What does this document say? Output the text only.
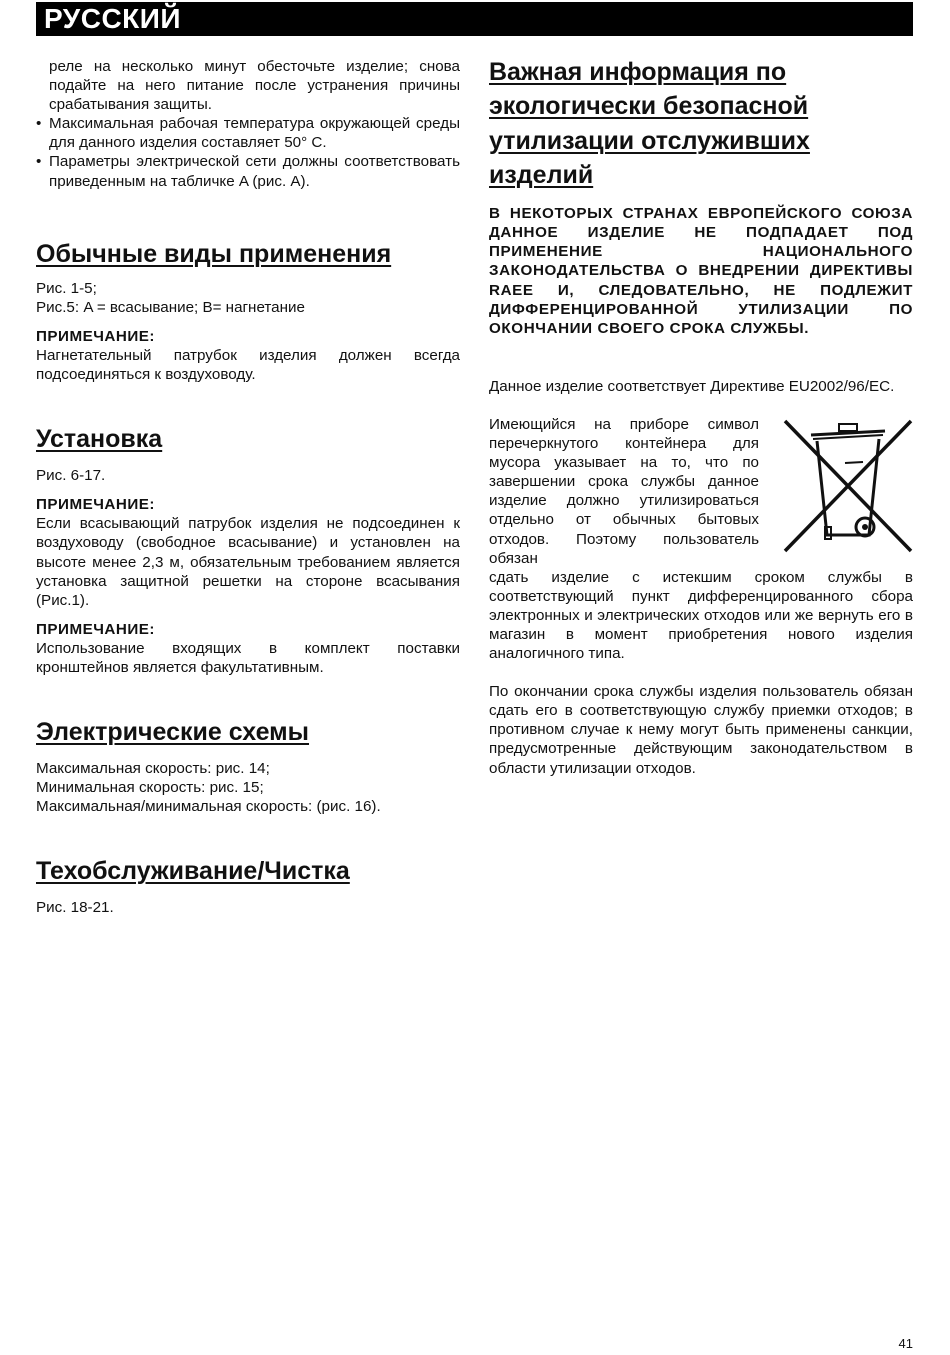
РУССКИЙ

реле на несколько минут обесточьте изделие; снова подайте на него питание после устранения причины срабатывания защиты.

• Максимальная рабочая температура окружающей среды для данного изделия составляет 50° С.
• Параметры электрической сети должны соответствовать приведенным на табличке A (рис. A).
Обычные виды применения

Рис. 1-5;

Рис.5: A = всасывание; B= нагнетание

ПРИМЕЧАНИЕ:

Нагнетательный патрубок изделия должен всегда подсоединяться к воздуховоду.

Установка

Рис. 6-17.

ПРИМЕЧАНИЕ:

Если всасывающий патрубок изделия не подсоединен к воздуховоду (свободное всасывание) и установлен на высоте менее 2,3 м, обязательным требованием является установка защитной решетки на стороне всасывания (Рис.1).

ПРИМЕЧАНИЕ:

Использование входящих в комплект поставки кронштейнов является факультативным.

Электрические схемы

Максимальная скорость: рис. 14;

Минимальная скорость: рис. 15;

Максимальная/минимальная скорость: (рис. 16).

Техобслуживание/Чистка

Рис. 18-21.

Важная информация по экологически безопасной утилизации отслуживших изделий

В НЕКОТОРЫХ СТРАНАХ ЕВРОПЕЙСКОГО СОЮЗА ДАННОЕ ИЗДЕЛИЕ НЕ ПОДПАДАЕТ ПОД ПРИМЕНЕНИЕ НАЦИОНАЛЬНОГО ЗАКОНОДАТЕЛЬСТВА О ВНЕДРЕНИИ ДИРЕКТИВЫ RAEE И, СЛЕДОВАТЕЛЬНО, НЕ ПОДЛЕЖИТ ДИФФЕРЕНЦИРОВАННОЙ УТИЛИЗАЦИИ ПО ОКОНЧАНИИ СВОЕГО СРОКА СЛУЖБЫ.

Данное изделие соответствует Директиве EU2002/96/EC.

Имеющийся на приборе символ перечеркнутого контейнера для мусора указывает на то, что по завершении срока службы данное изделие должно утилизироваться отдельно от обычных бытовых отходов. Поэтому пользователь обязан

сдать изделие с истекшим сроком службы в соответствующий пункт дифференцированного сбора электронных и электрических отходов или же вернуть его в магазин в момент приобретения нового изделия аналогичного типа.

По окончании срока службы изделия пользователь обязан сдать его в соответствующую службу приемки отходов; в противном случае к нему могут быть применены санкции, предусмотренные действующим законодательством в области утилизации отходов.

41
